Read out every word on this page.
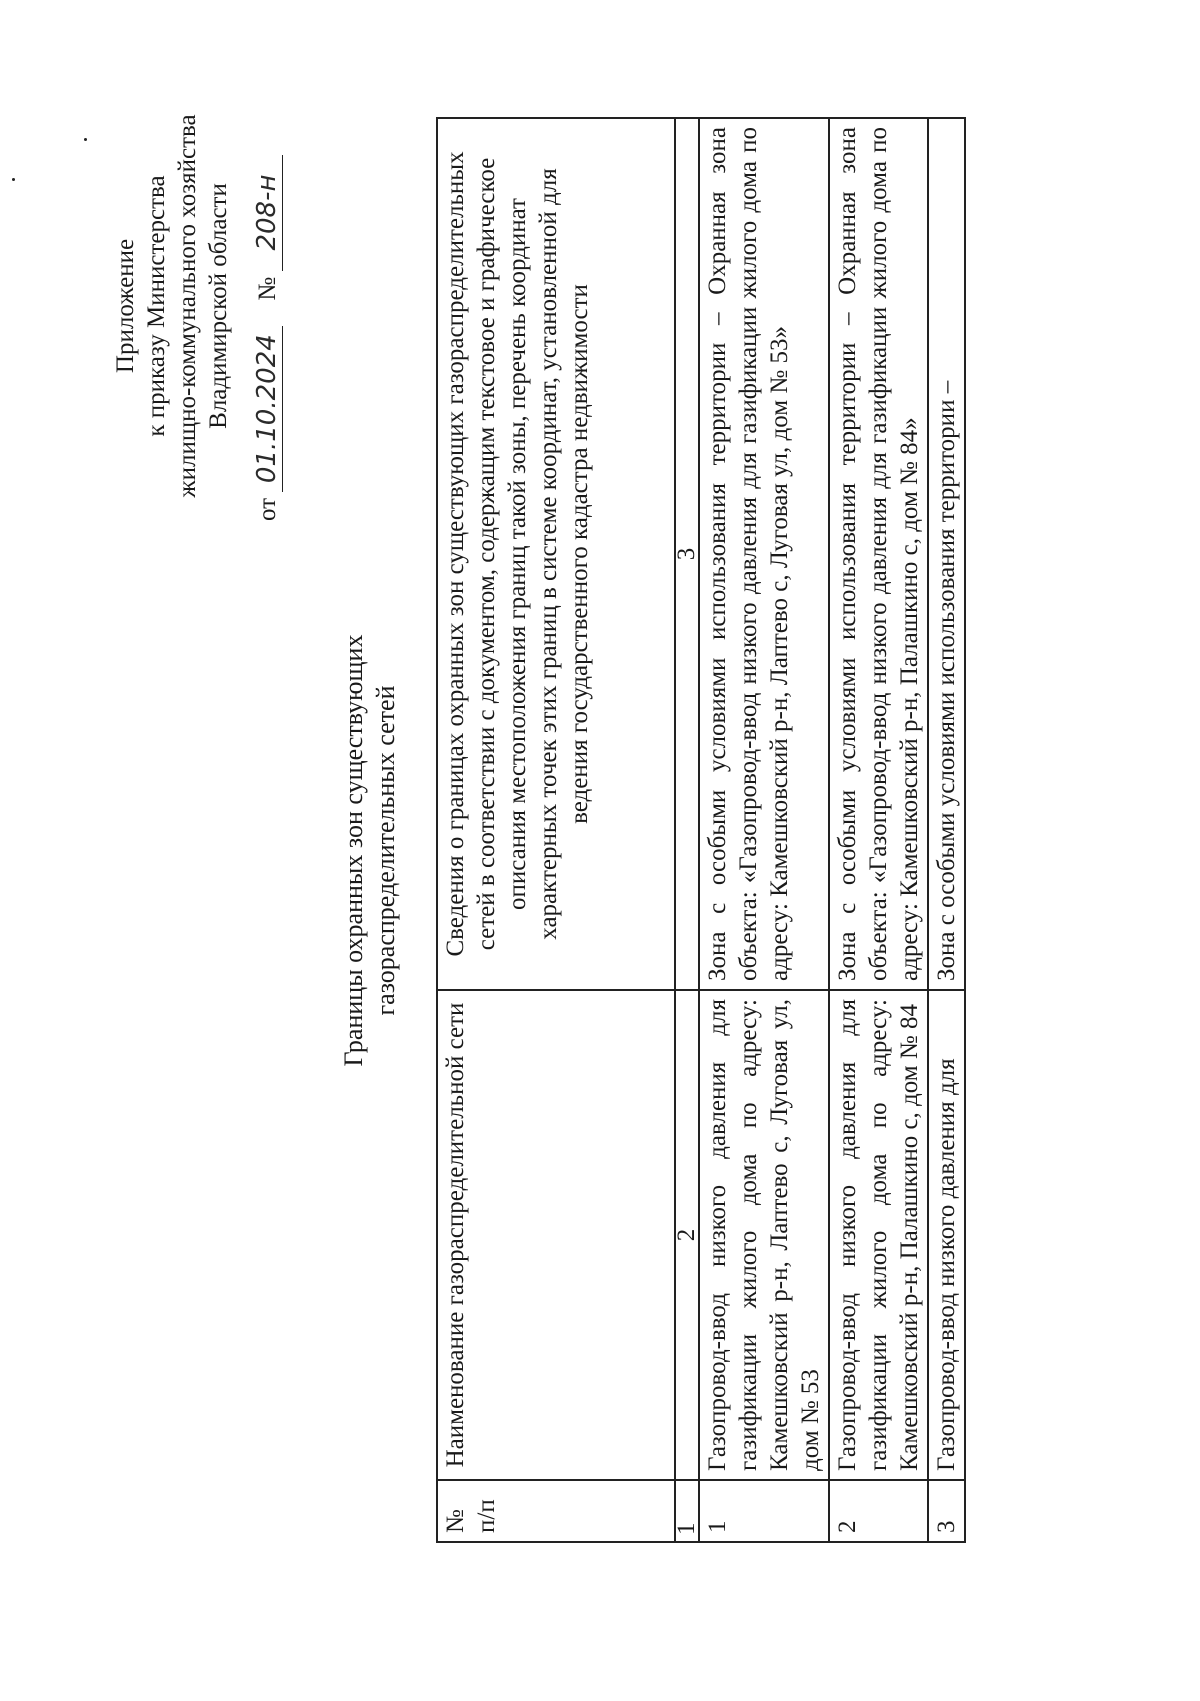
Приложение к приказу Министерства жилищно-коммунального хозяйства Владимирской области
от 01.10.2024    № 208-н
Границы охранных зон существующих газораспределительных сетей
№ п/п	Наименование газораспределительной сети	Сведения о границах охранных зон существующих газораспределительных сетей в соответствии с документом, содержащим текстовое и графическое описания местоположения границ такой зоны, перечень координат характерных точек этих границ в системе координат, установленной для ведения государственного кадастра недвижимости
1	2	3
1	Газопровод-ввод низкого давления для газификации жилого дома по адресу: Камешковский р-н, Лаптево с, Луговая ул, дом № 53	Зона с особыми условиями использования территории – Охранная зона объекта: «Газопровод-ввод низкого давления для газификации жилого дома по адресу: Камешковский р-н, Лаптево с, Луговая ул, дом № 53»
2	Газопровод-ввод низкого давления для газификации жилого дома по адресу: Камешковский р-н, Палашкино с, дом № 84	Зона с особыми условиями использования территории – Охранная зона объекта: «Газопровод-ввод низкого давления для газификации жилого дома по адресу: Камешковский р-н, Палашкино с, дом № 84»
3	Газопровод-ввод низкого давления для	Зона с особыми условиями использования территории –
